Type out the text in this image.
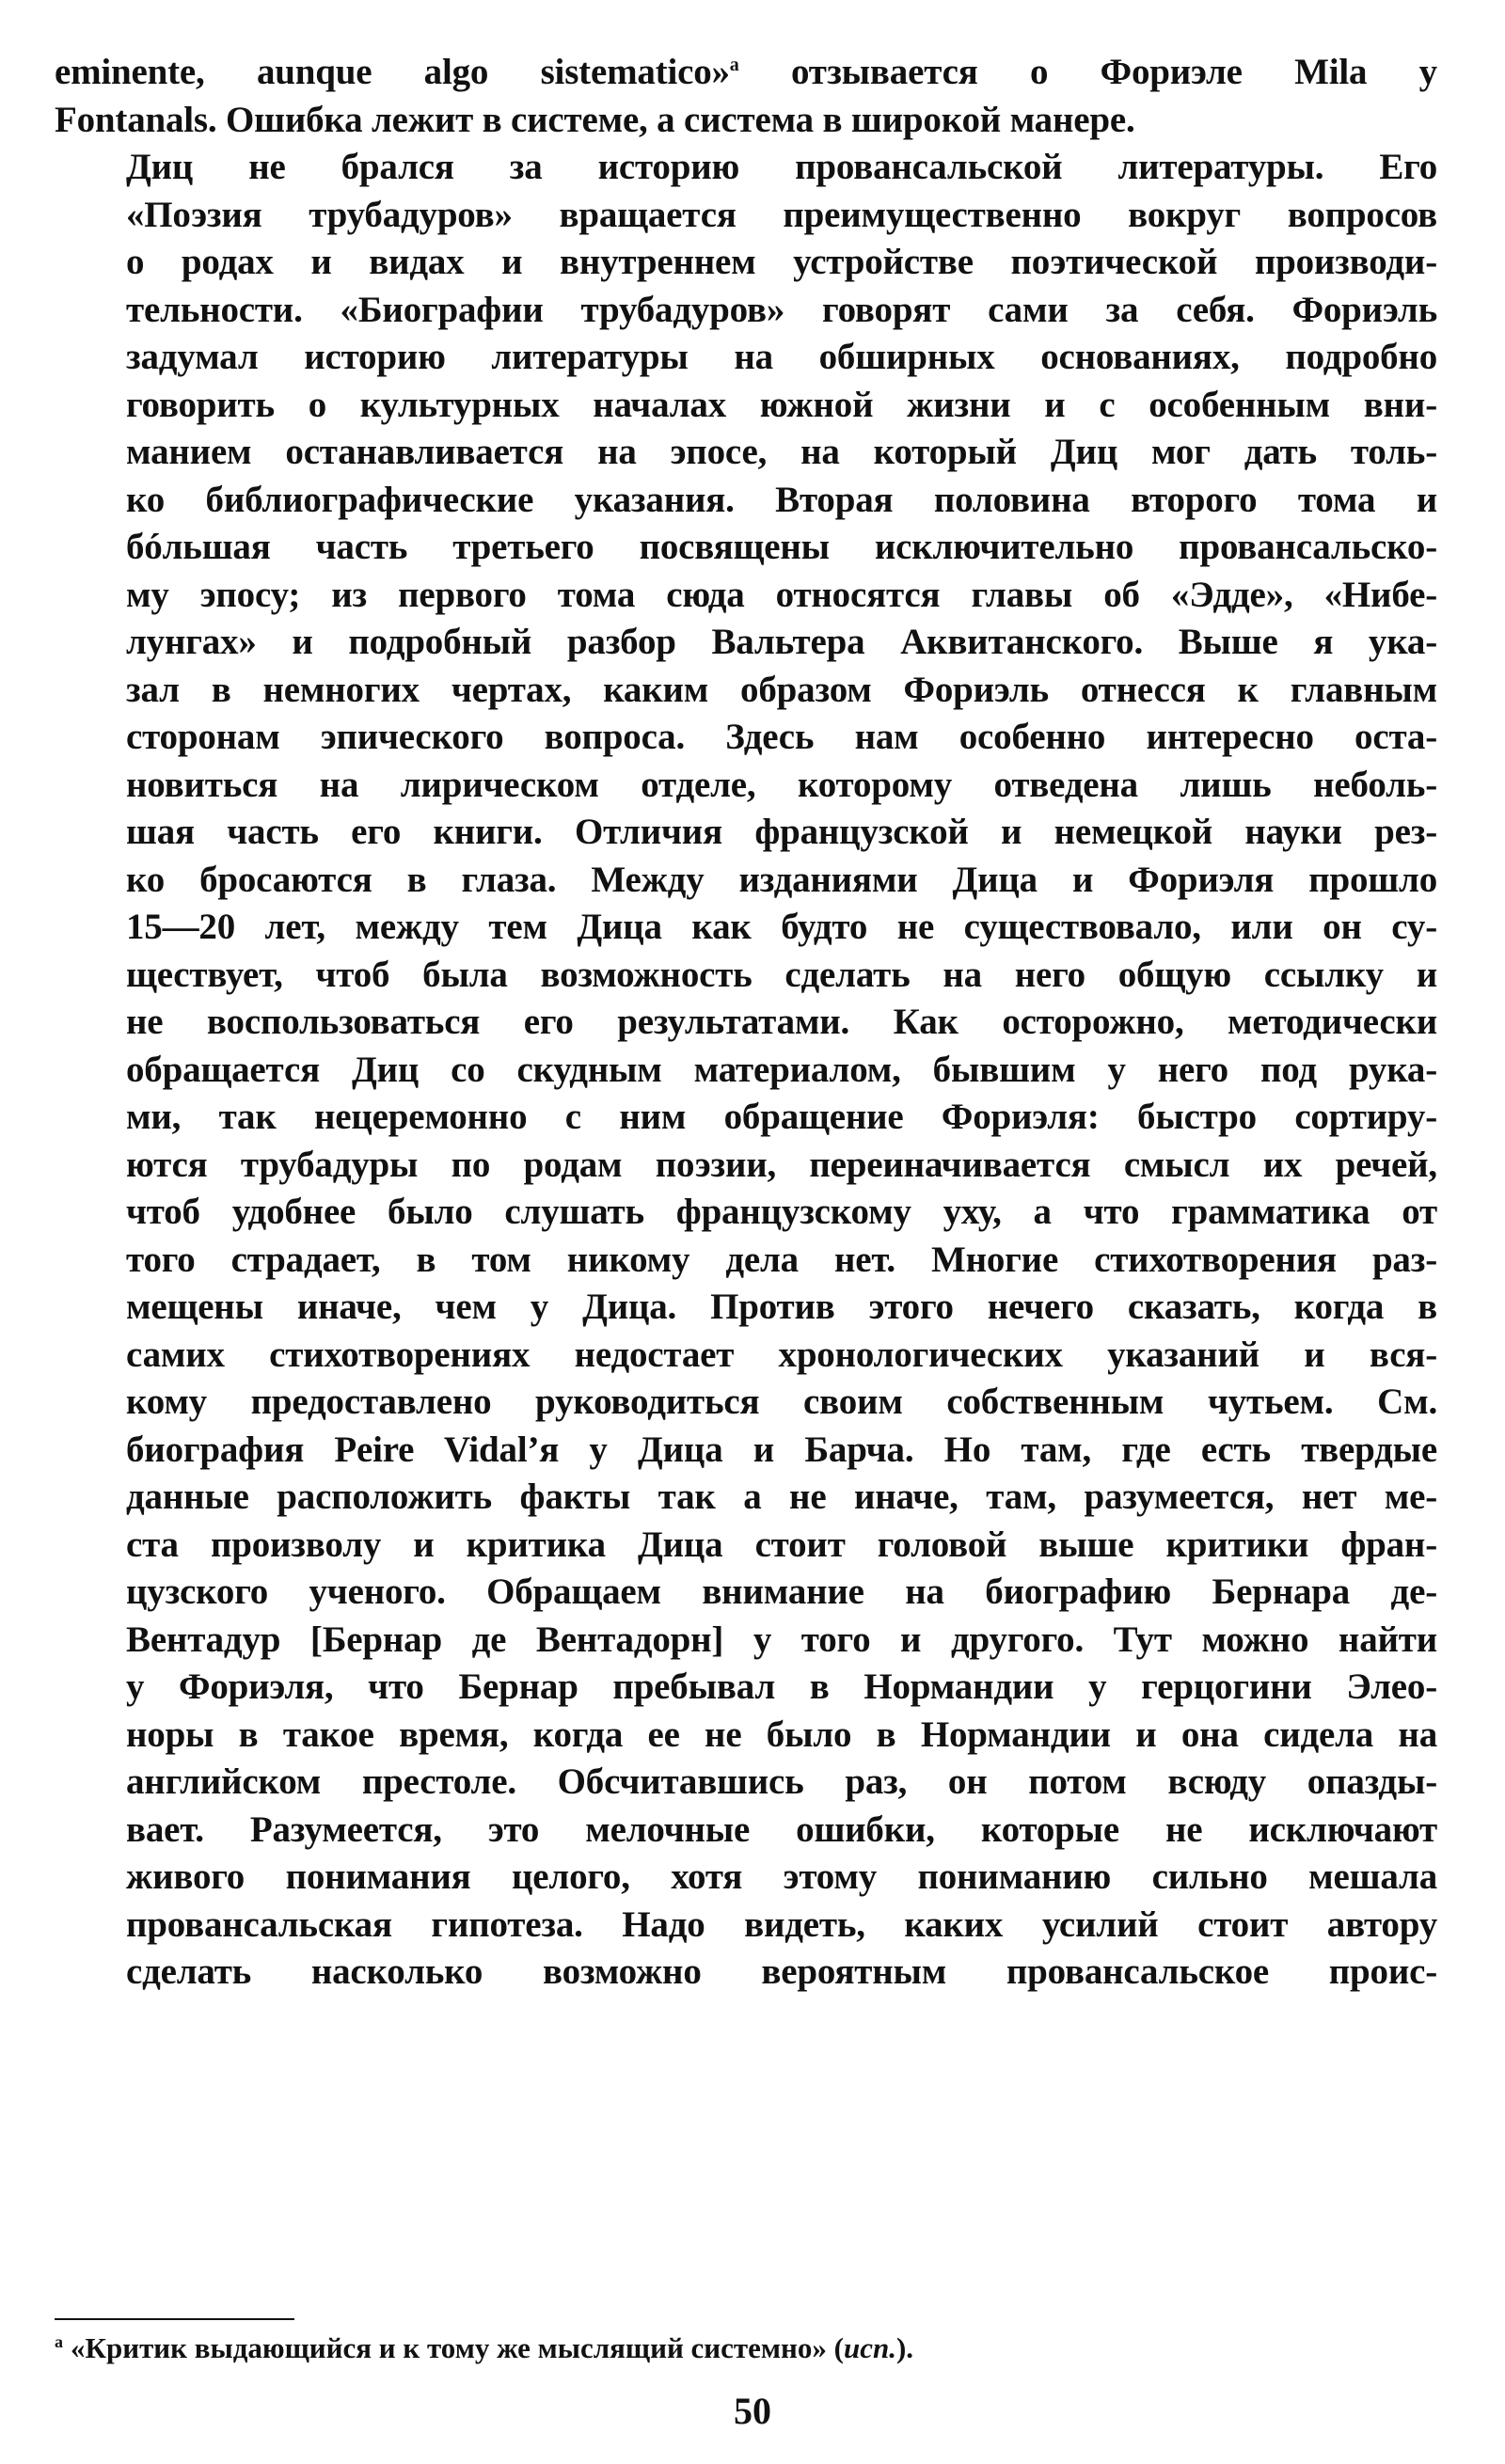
eminente, aunque algo sistematico»$^a$ отзывается о Фориэле Mila y
Fontanals. Ошибка лежит в системе, а система в широкой манере.

Диц не брался за историю провансальской литературы. Его
«Поэзия трубадуров» вращается преимущественно вокруг вопросов
о родах и видах и внутреннем устройстве поэтической производи-
тельности. «Биографии трубадуров» говорят сами за себя. Фориэль
задумал историю литературы на обширных основаниях, подробно
говорить о культурных началах южной жизни и с особенным вни-
манием останавливается на эпосе, на который Диц мог дать толь-
ко библиографические указания. Вторая половина второго тома и
бóльшая часть третьего посвящены исключительно провансальско-
му эпосу; из первого тома сюда относятся главы об «Эдде», «Нибе-
лунгах» и подробный разбор Вальтера Аквитанского. Выше я ука-
зал в немногих чертах, каким образом Фориэль отнесся к главным
сторонам эпического вопроса. Здесь нам особенно интересно оста-
новиться на лирическом отделе, которому отведена лишь неболь-
шая часть его книги. Отличия французской и немецкой науки рез-
ко бросаются в глаза. Между изданиями Дица и Фориэля прошло
15—20 лет, между тем Дица как будто не существовало, или он су-
ществует, чтоб была возможность сделать на него общую ссылку и
не воспользоваться его результатами. Как осторожно, методически
обращается Диц со скудным материалом, бывшим у него под рука-
ми, так нецеремонно с ним обращение Фориэля: быстро сортиру-
ются трубадуры по родам поэзии, переиначивается смысл их речей,
чтоб удобнее было слушать французскому уху, а что грамматика от
того страдает, в том никому дела нет. Многие стихотворения раз-
мещены иначе, чем у Дица. Против этого нечего сказать, когда в
самих стихотворениях недостает хронологических указаний и вся-
кому предоставлено руководиться своим собственным чутьем. См.
биография Peire Vidal’я у Дица и Барча. Но там, где есть твердые
данные расположить факты так а не иначе, там, разумеется, нет ме-
ста произволу и критика Дица стоит головой выше критики фран-
цузского ученого. Обращаем внимание на биографию Бернара де-
Вентадур [Бернар де Вентадорн] у того и другого. Тут можно найти
у Фориэля, что Бернар пребывал в Нормандии у герцогини Элео-
норы в такое время, когда ее не было в Нормандии и она сидела на
английском престоле. Обсчитавшись раз, он потом всюду опазды-
вает. Разумеется, это мелочные ошибки, которые не исключают
живого понимания целого, хотя этому пониманию сильно мешала
провансальская гипотеза. Надо видеть, каких усилий стоит автору
сделать насколько возможно вероятным провансальское проис-

$^a$ «Критик выдающийся и к тому же мыслящий системно» (исп.).
50
